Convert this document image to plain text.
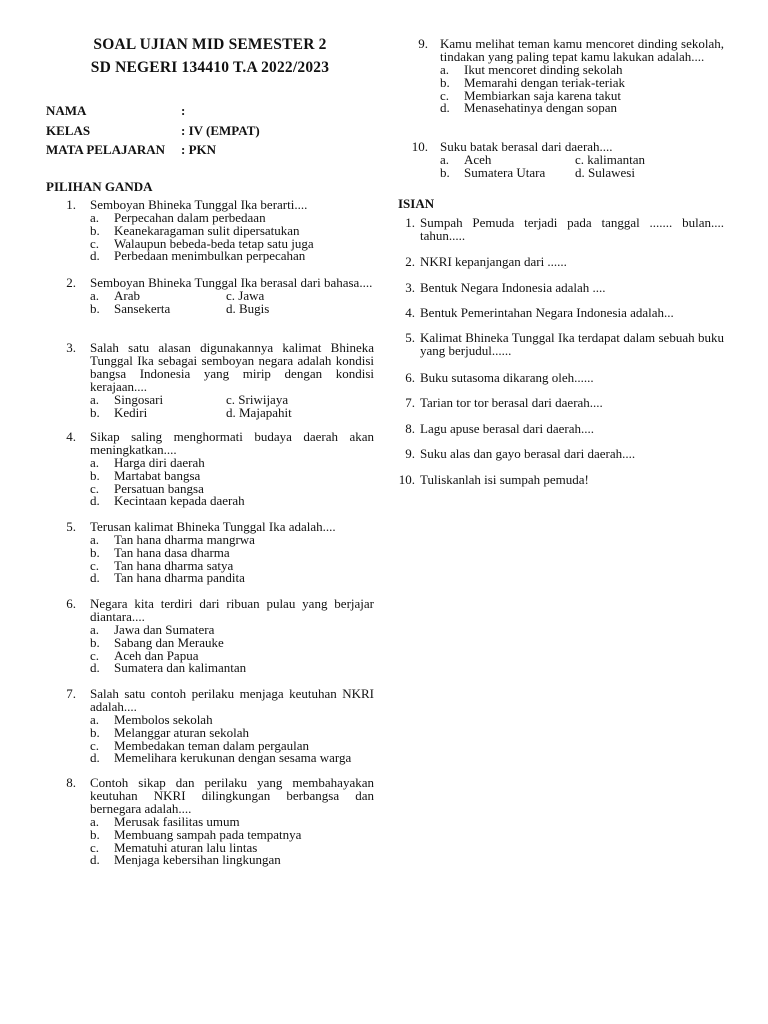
SOAL UJIAN MID SEMESTER 2
SD NEGERI 134410 T.A 2022/2023
NAMA	:
KELAS	: IV (EMPAT)
MATA PELAJARAN : PKN
PILIHAN GANDA
ISIAN
1. Semboyan Bhineka Tunggal Ika berarti....
a. Perpecahan dalam perbedaan
b. Keanekaragaman sulit dipersatukan
c. Walaupun bebeda-beda tetap satu juga
d. Perbedaan menimbulkan perpecahan
2. Semboyan Bhineka Tunggal Ika berasal dari bahasa....
a. Arab	c. Jawa
b. Sansekerta	d. Bugis
3. Salah satu alasan digunakannya kalimat Bhineka Tunggal Ika sebagai semboyan negara adalah kondisi bangsa Indonesia yang mirip dengan kondisi kerajaan....
a. Singosari	c. Sriwijaya
b. Kediri	d. Majapahit
4. Sikap saling menghormati budaya daerah akan meningkatkan....
a. Harga diri daerah
b. Martabat bangsa
c. Persatuan bangsa
d. Kecintaan kepada daerah
5. Terusan kalimat Bhineka Tunggal Ika adalah....
a. Tan hana dharma mangrwa
b. Tan hana dasa dharma
c. Tan hana dharma satya
d. Tan hana dharma pandita
6. Negara kita terdiri dari ribuan pulau yang berjajar diantara....
a. Jawa dan Sumatera
b. Sabang dan Merauke
c. Aceh dan Papua
d. Sumatera dan kalimantan
7. Salah satu contoh perilaku menjaga keutuhan NKRI adalah....
a. Membolos sekolah
b. Melanggar aturan sekolah
c. Membedakan teman dalam pergaulan
d. Memelihara kerukunan dengan sesama warga
8. Contoh sikap dan perilaku yang membahayakan keutuhan NKRI dilingkungan berbangsa dan bernegara adalah....
a. Merusak fasilitas umum
b. Membuang sampah pada tempatnya
c. Mematuhi aturan lalu lintas
d. Menjaga kebersihan lingkungan
9. Kamu melihat teman kamu mencoret dinding sekolah, tindakan yang paling tepat kamu lakukan adalah....
a. Ikut mencoret dinding sekolah
b. Memarahi dengan teriak-teriak
c. Membiarkan saja karena takut
d. Menasehatinya dengan sopan
10. Suku batak berasal dari daerah....
a. Aceh	c. kalimantan
b. Sumatera Utara d. Sulawesi
1. Sumpah Pemuda terjadi pada tanggal ....... bulan.... tahun.....
2. NKRI kepanjangan dari ......
3. Bentuk Negara Indonesia adalah ....
4. Bentuk Pemerintahan Negara Indonesia adalah...
5. Kalimat Bhineka Tunggal Ika terdapat dalam sebuah buku yang berjudul......
6. Buku sutasoma dikarang oleh......
7. Tarian tor tor berasal dari daerah....
8. Lagu apuse berasal dari daerah....
9. Suku alas dan gayo berasal dari daerah....
10. Tuliskanlah isi sumpah pemuda!
